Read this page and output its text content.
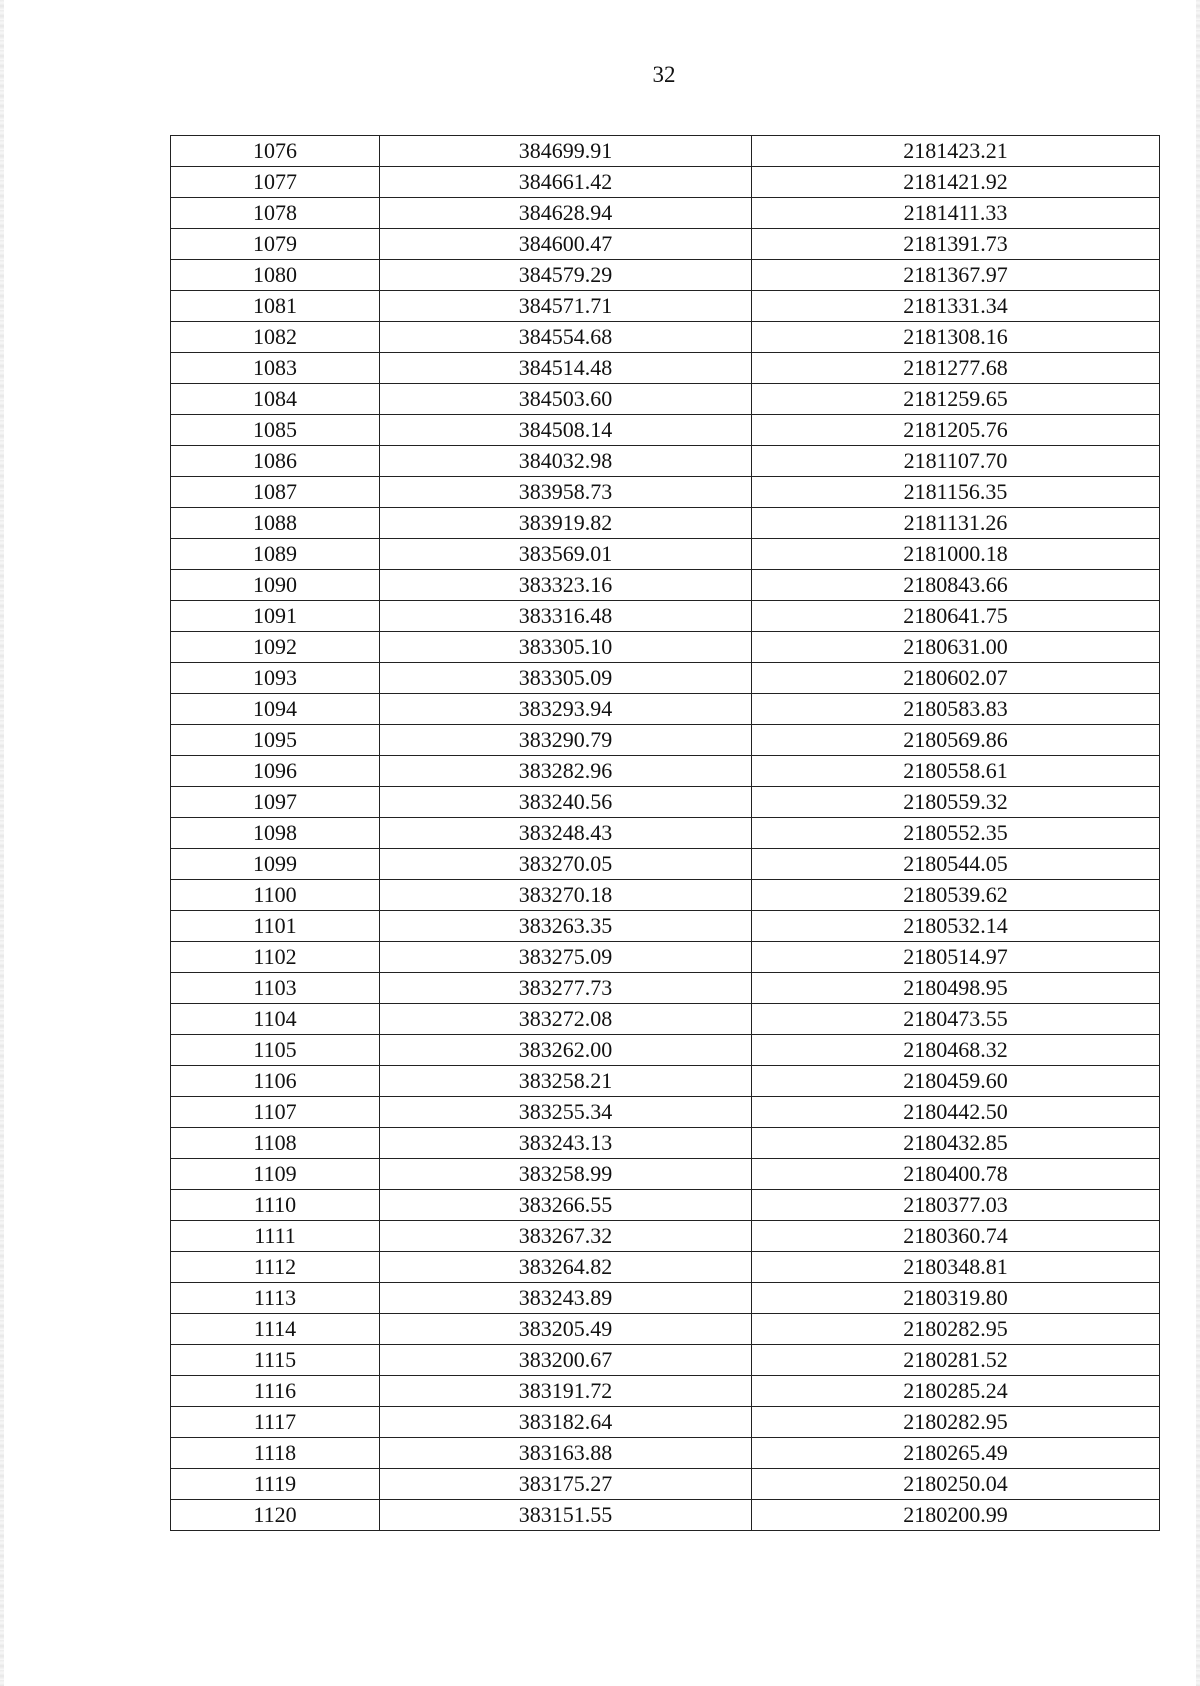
32
1076	384699.91	2181423.21
1077	384661.42	2181421.92
1078	384628.94	2181411.33
1079	384600.47	2181391.73
1080	384579.29	2181367.97
1081	384571.71	2181331.34
1082	384554.68	2181308.16
1083	384514.48	2181277.68
1084	384503.60	2181259.65
1085	384508.14	2181205.76
1086	384032.98	2181107.70
1087	383958.73	2181156.35
1088	383919.82	2181131.26
1089	383569.01	2181000.18
1090	383323.16	2180843.66
1091	383316.48	2180641.75
1092	383305.10	2180631.00
1093	383305.09	2180602.07
1094	383293.94	2180583.83
1095	383290.79	2180569.86
1096	383282.96	2180558.61
1097	383240.56	2180559.32
1098	383248.43	2180552.35
1099	383270.05	2180544.05
1100	383270.18	2180539.62
1101	383263.35	2180532.14
1102	383275.09	2180514.97
1103	383277.73	2180498.95
1104	383272.08	2180473.55
1105	383262.00	2180468.32
1106	383258.21	2180459.60
1107	383255.34	2180442.50
1108	383243.13	2180432.85
1109	383258.99	2180400.78
1110	383266.55	2180377.03
1111	383267.32	2180360.74
1112	383264.82	2180348.81
1113	383243.89	2180319.80
1114	383205.49	2180282.95
1115	383200.67	2180281.52
1116	383191.72	2180285.24
1117	383182.64	2180282.95
1118	383163.88	2180265.49
1119	383175.27	2180250.04
1120	383151.55	2180200.99
